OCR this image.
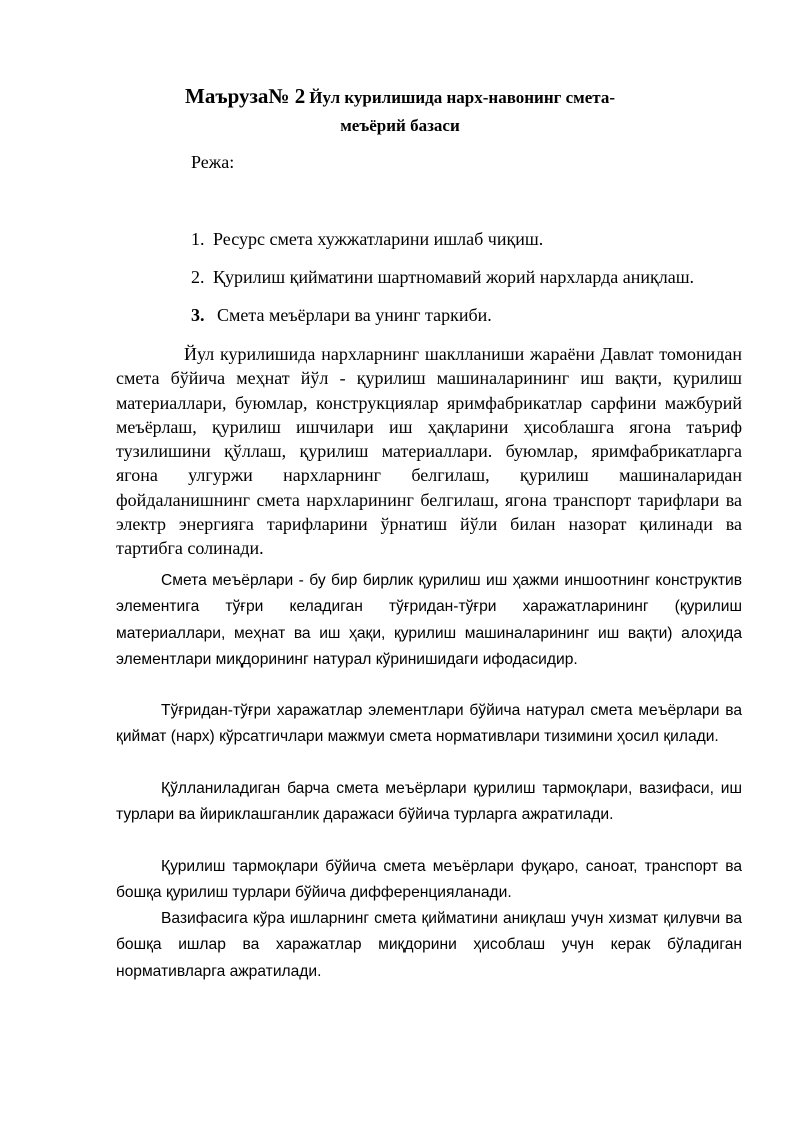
Маъруза№ 2 Йул курилишида нарх-навонинг смета-
меъёрий базаси
Режа:
1. Ресурс смета хужжатларини ишлаб чиқиш.
2. Қурилиш қийматини шартномавий жорий нархларда аниқлаш.
3. Смета меъёрлари ва унинг таркиби.

Йул курилишида нархларнинг шаклланиши жараёни Давлат томонидан смета бўйича меҳнат йўл - қурилиш машиналарининг иш вақти, қурилиш материаллари, буюмлар, конструкциялар яримфабрикатлар сарфини мажбурий меъёрлаш, қурилиш ишчилари иш ҳақларини ҳисоблашга ягона таъриф тузилишини қўллаш, қурилиш материаллари. буюмлар, яримфабрикатларга ягона улгуржи нархларнинг белгилаш, қурилиш машиналаридан фойдаланишнинг смета нархларининг белгилаш, ягона транспорт тарифлари ва электр энергияга тарифларини ўрнатиш йўли билан назорат қилинади ва тартибга солинади.

Смета меъёрлари - бу бир бирлик қурилиш иш ҳажми иншоотнинг конструктив элементига тўғри келадиган тўғридан-тўғри харажатларининг (қурилиш материаллари, меҳнат ва иш ҳақи, қурилиш машиналарининг иш вақти) алоҳида элементлари миқдорининг натурал кўринишидаги ифодасидир.

Тўғридан-тўғри харажатлар элементлари бўйича натурал смета меъёрлари ва қиймат (нарх) кўрсатгичлари мажмуи смета нормативлари тизимини ҳосил қилади.

Қўлланиладиган барча смета меъёрлари қурилиш тармоқлари, вазифаси, иш турлари ва йириклашганлик даражаси бўйича турларга ажратилади.

Қурилиш тармоқлари бўйича смета меъёрлари фуқаро, саноат, транспорт ва бошқа қурилиш турлари бўйича дифференцияланади.

Вазифасига кўра ишларнинг смета қийматини аниқлаш учун хизмат қилувчи ва бошқа ишлар ва харажатлар миқдорини ҳисоблаш учун керак бўладиган нормативларга ажратилади.
